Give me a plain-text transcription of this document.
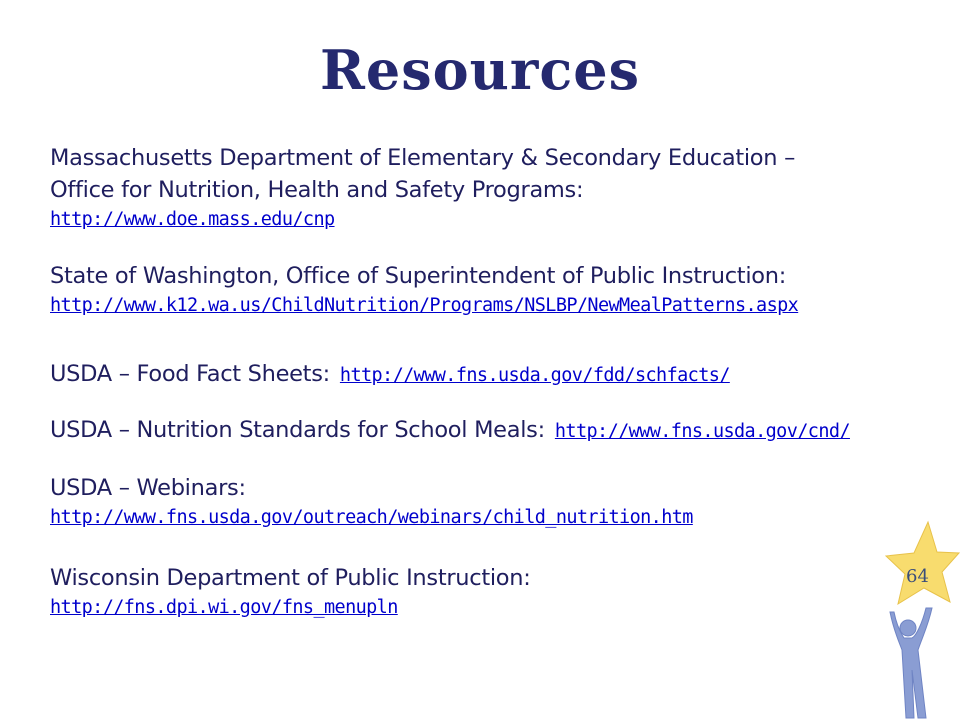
Resources
Massachusetts Department of Elementary & Secondary Education –
Office for Nutrition, Health and Safety Programs:
http://www.doe.mass.edu/cnp
State of Washington, Office of Superintendent of Public Instruction:
http://www.k12.wa.us/ChildNutrition/Programs/NSLBP/NewMealPatterns.aspx
USDA – Food Fact Sheets: http://www.fns.usda.gov/fdd/schfacts/
USDA – Nutrition Standards for School Meals: http://www.fns.usda.gov/cnd/
USDA – Webinars:
http://www.fns.usda.gov/outreach/webinars/child_nutrition.htm
Wisconsin Department of Public Instruction:
http://fns.dpi.wi.gov/fns_menupln
64
